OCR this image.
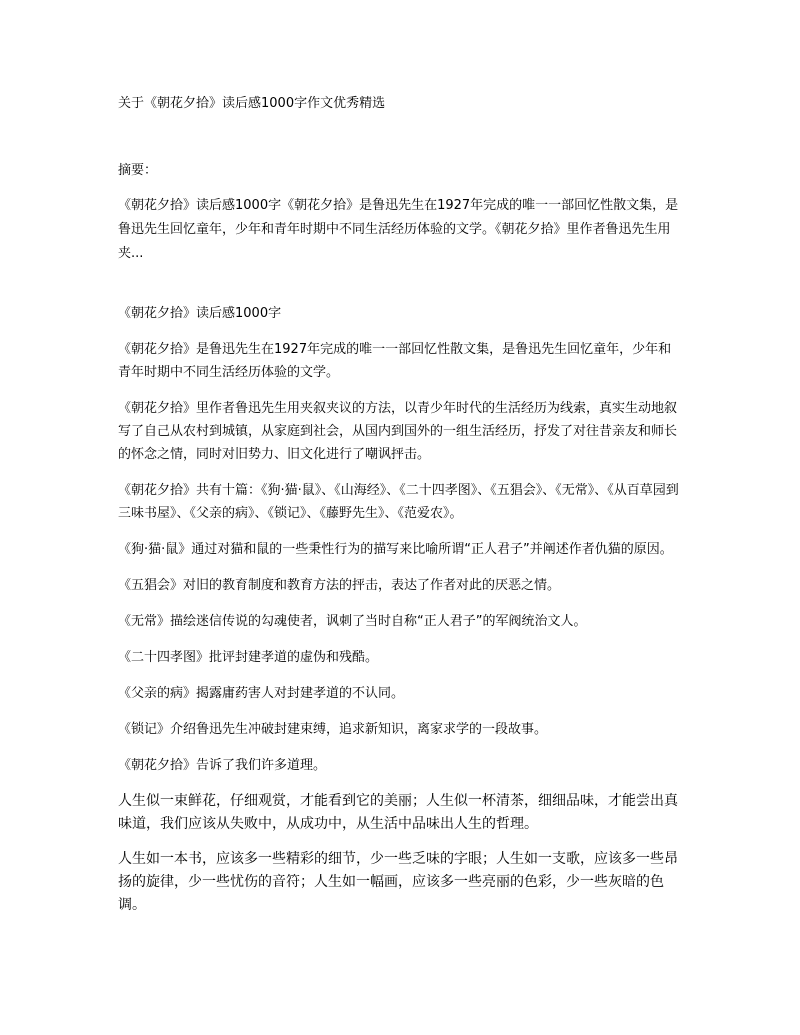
关于《朝花夕拾》读后感1000字作文优秀精选
摘要：
《朝花夕拾》读后感1000字《朝花夕拾》是鲁迅先生在1927年完成的唯一一部回忆性散文集，是鲁迅先生回忆童年，少年和青年时期中不同生活经历体验的文学。《朝花夕拾》里作者鲁迅先生用夹...

《朝花夕拾》读后感1000字

《朝花夕拾》是鲁迅先生在1927年完成的唯一一部回忆性散文集，是鲁迅先生回忆童年，少年和青年时期中不同生活经历体验的文学。

《朝花夕拾》里作者鲁迅先生用夹叙夹议的方法，以青少年时代的生活经历为线索，真实生动地叙写了自己从农村到城镇，从家庭到社会，从国内到国外的一组生活经历，抒发了对往昔亲友和师长的怀念之情，同时对旧势力、旧文化进行了嘲讽抨击。

《朝花夕拾》共有十篇：《狗·猫·鼠》、《山海经》、《二十四孝图》、《五猖会》、《无常》、《从百草园到三味书屋》、《父亲的病》、《锁记》、《藤野先生》、《范爱农》。

《狗·猫·鼠》通过对猫和鼠的一些秉性行为的描写来比喻所谓“正人君子”并阐述作者仇猫的原因。

《五猖会》对旧的教育制度和教育方法的抨击，表达了作者对此的厌恶之情。

《无常》描绘迷信传说的勾魂使者，讽刺了当时自称“正人君子”的军阀统治文人。

《二十四孝图》批评封建孝道的虚伪和残酷。

《父亲的病》揭露庸药害人对封建孝道的不认同。

《锁记》介绍鲁迅先生冲破封建束缚，追求新知识，离家求学的一段故事。

《朝花夕拾》告诉了我们许多道理。

人生似一束鲜花，仔细观赏，才能看到它的美丽；人生似一杯清茶，细细品味，才能尝出真味道，我们应该从失败中，从成功中，从生活中品味出人生的哲理。

人生如一本书，应该多一些精彩的细节，少一些乏味的字眼；人生如一支歌，应该多一些昂扬的旋律，少一些忧伤的音符；人生如一幅画，应该多一些亮丽的色彩，少一些灰暗的色调。
